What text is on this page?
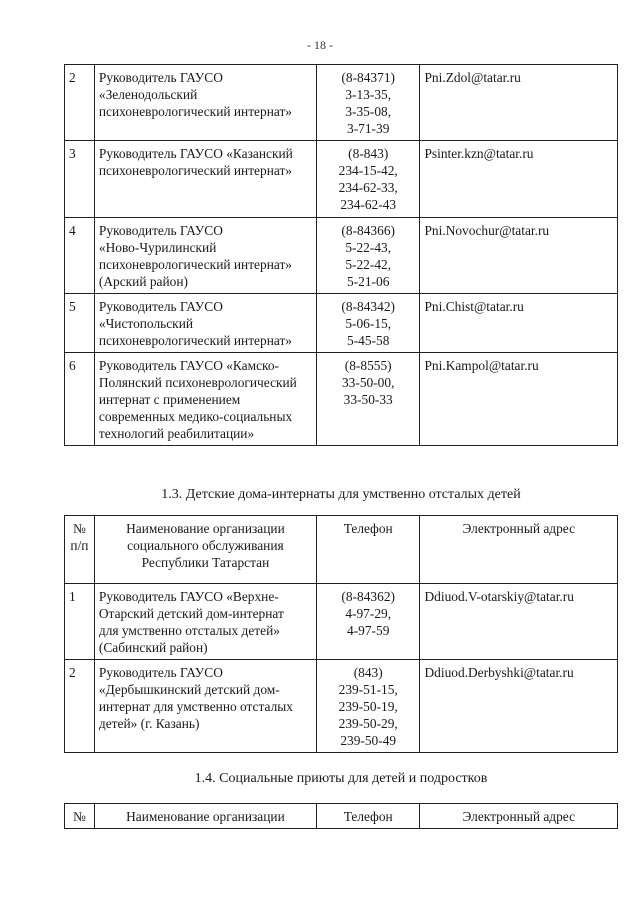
- 18 -
2	Руководитель ГАУСО
«Зеленодольский
психоневрологический интернат»	(8-84371)
3-13-35,
3-35-08,
3-71-39	Pni.Zdol@tatar.ru
3	Руководитель ГАУСО «Казанский
психоневрологический интернат»	(8-843)
234-15-42,
234-62-33,
234-62-43	Psinter.kzn@tatar.ru
4	Руководитель ГАУСО
«Ново-Чурилинский
психоневрологический интернат»
(Арский район)	(8-84366)
5-22-43,
5-22-42,
5-21-06	Pni.Novochur@tatar.ru
5	Руководитель ГАУСО
«Чистопольский
психоневрологический интернат»	(8-84342)
5-06-15,
5-45-58	Pni.Chist@tatar.ru
6	Руководитель ГАУСО «Камско-
Полянский психоневрологический
интернат с применением
современных медико-социальных
технологий реабилитации»	(8-8555)
33-50-00,
33-50-33	Pni.Kampol@tatar.ru
1.3. Детские дома-интернаты для умственно отсталых детей
№
п/п	Наименование организации
социального обслуживания
Республики Татарстан	Телефон	Электронный адрес
1	Руководитель ГАУСО «Верхне-
Отарский детский дом-интернат
для умственно отсталых детей»
(Сабинский район)	(8-84362)
4-97-29,
4-97-59	Ddiuod.V-otarskiy@tatar.ru
2	Руководитель ГАУСО
«Дербышкинский детский дом-
интернат для умственно отсталых
детей» (г. Казань)	(843)
239-51-15,
239-50-19,
239-50-29,
239-50-49	Ddiuod.Derbyshki@tatar.ru
1.4. Социальные приюты для детей и подростков
№	Наименование организации	Телефон	Электронный адрес
